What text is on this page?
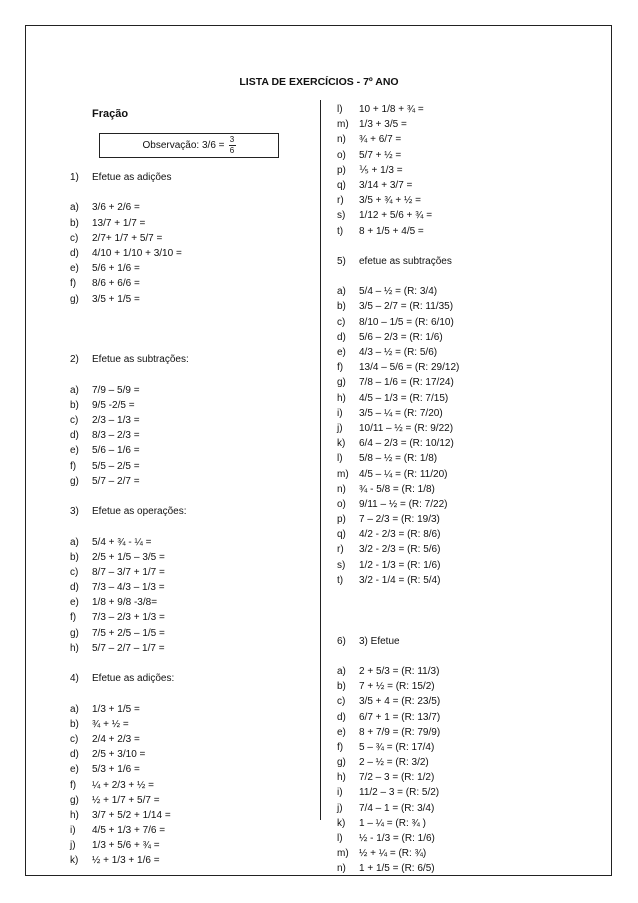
LISTA DE EXERCÍCIOS - 7º ANO
Fração
Observação: $3/6 = \frac{3}{6}$
1) Efetue as adições
a) 3/6 + 2/6 =
b) 13/7 + 1/7 =
c) 2/7+ 1/7 + 5/7 =
d) 4/10 + 1/10 + 3/10 =
e) 5/6 + 1/6 =
f) 8/6 + 6/6 =
g) 3/5 + 1/5 =
2) Efetue as subtrações:
a) 7/9 – 5/9 =
b) 9/5 -2/5 =
c) 2/3 – 1/3 =
d) 8/3 – 2/3 =
e) 5/6 – 1/6 =
f) 5/5 – 2/5 =
g) 5/7 – 2/7 =
3) Efetue as operações:
a) 5/4 + ¾ - ¼ =
b) 2/5 + 1/5 – 3/5 =
c) 8/7 – 3/7 + 1/7 =
d) 7/3 – 4/3 – 1/3 =
e) 1/8 + 9/8 -3/8=
f) 7/3 – 2/3 + 1/3 =
g) 7/5 + 2/5 – 1/5 =
h) 5/7 – 2/7 – 1/7 =
4) Efetue as adições:
a) 1/3 + 1/5 =
b) ¾ + ½ =
c) 2/4 + 2/3 =
d) 2/5 + 3/10 =
e) 5/3 + 1/6 =
f) ¼ + 2/3 + ½ =
g) ½ + 1/7 + 5/7 =
h) 3/7 + 5/2 + 1/14 =
i) 4/5 + 1/3 + 7/6 =
j) 1/3 + 5/6 + ¾ =
k) ½ + 1/3 + 1/6 =
l) 10 + 1/8 + ¾ =
m) 1/3 + 3/5 =
n) ¾ + 6/7 =
o) 5/7 + ½ =
p) ⅕ + 1/3 =
q) 3/14 + 3/7 =
r) 3/5 + ¾ + ½ =
s) 1/12 + 5/6 + ¾ =
t) 8 + 1/5 + 4/5 =
5) efetue as subtrações
a) 5/4 – ½ = (R: 3/4)
b) 3/5 – 2/7 = (R: 11/35)
c) 8/10 – 1/5 = (R: 6/10)
d) 5/6 – 2/3 = (R: 1/6)
e) 4/3 – ½ = (R: 5/6)
f) 13/4 – 5/6 = (R: 29/12)
g) 7/8 – 1/6 = (R: 17/24)
h) 4/5 – 1/3 = (R: 7/15)
i) 3/5 – ¼ = (R: 7/20)
j) 10/11 – ½ = (R: 9/22)
k) 6/4 – 2/3 = (R: 10/12)
l) 5/8 – ½ = (R: 1/8)
m) 4/5 – ¼ = (R: 11/20)
n) ¾ - 5/8 = (R: 1/8)
o) 9/11 – ½ = (R: 7/22)
p) 7 – 2/3 = (R: 19/3)
q) 4/2 - 2/3 = (R: 8/6)
r) 3/2 - 2/3 = (R: 5/6)
s) 1/2 - 1/3 = (R: 1/6)
t) 3/2 - 1/4 = (R: 5/4)
6) 3) Efetue
a) 2 + 5/3 = (R: 11/3)
b) 7 + ½ = (R: 15/2)
c) 3/5 + 4 = (R: 23/5)
d) 6/7 + 1 = (R: 13/7)
e) 8 + 7/9 = (R: 79/9)
f) 5 – ¾ = (R: 17/4)
g) 2 – ½ = (R: 3/2)
h) 7/2 – 3 = (R: 1/2)
i) 11/2 – 3 = (R: 5/2)
j) 7/4 – 1 = (R: 3/4)
k) 1 – ¼ = (R: ¾ )
l) ½ - 1/3 = (R: 1/6)
m) ½ + ¼ = (R: ¾)
n) 1 + 1/5 = (R: 6/5)
